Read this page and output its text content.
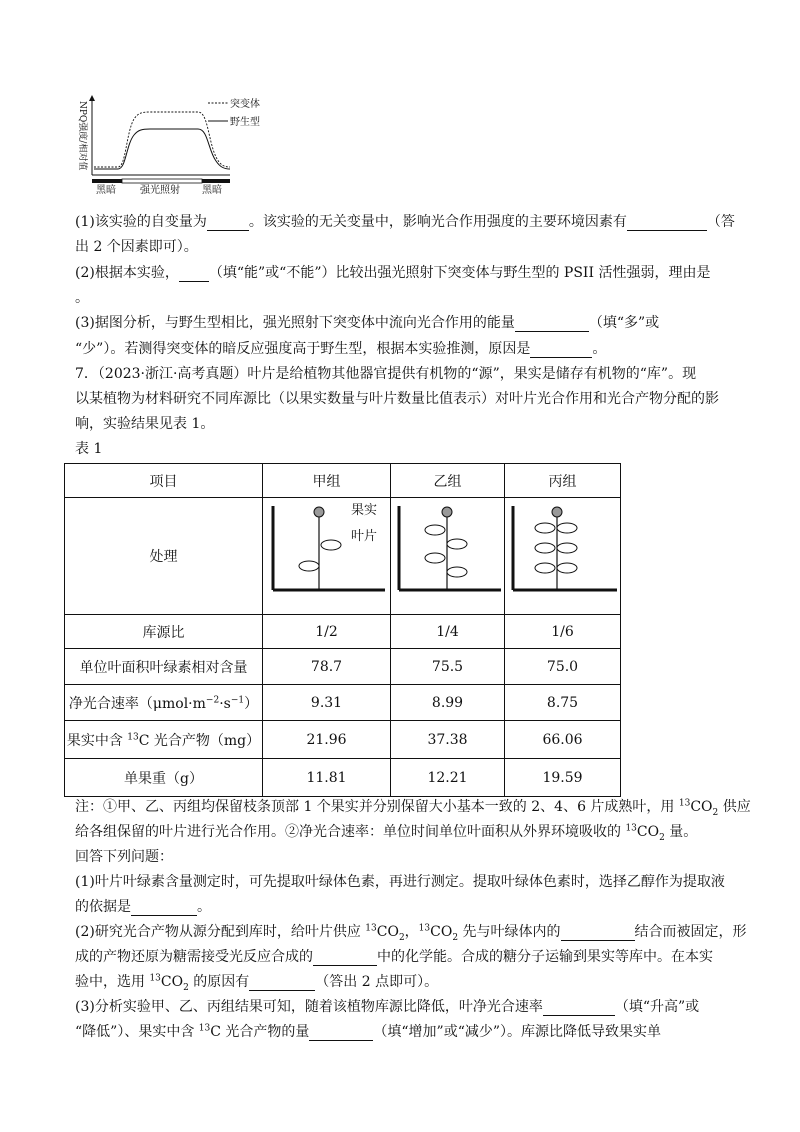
NPQ强度/相对值	突变体
野生型
黑暗 强光照射 黑暗
(1)该实验的自变量为	。该实验的无关变量中，影响光合作用强度的主要环境因素有	（答
出 2 个因素即可）。
(2)根据本实验， （填“能”或“不能”）比较出强光照射下突变体与野生型的 PSII 活性强弱，理由是
。
(3)据图分析，与野生型相比，强光照射下突变体中流向光合作用的能量	（填“多”或
“少”）。若测得突变体的暗反应强度高于野生型，根据本实验推测，原因是	。
7．（2023·浙江·高考真题）叶片是给植物其他器官提供有机物的“源”，果实是储存有机物的“库”。现
以某植物为材料研究不同库源比（以果实数量与叶片数量比值表示）对叶片光合作用和光合产物分配的影
响，实验结果见表 1。
表 1
项目	甲组	乙组	丙组
处理	果实
叶片

库源比	1/2	1/4	1/6
单位叶面积叶绿素相对含量	78.7	75.5	75.0
净光合速率$(\mu mol\cdot m^{-2}\cdot s^{-1})$	9.31	8.99	8.75
果实中含 $^{13}$C 光合产物（mg）	21.96	37.38	66.06
单果重（g）	11.81	12.21	19.59
注：①甲、乙、丙组均保留枝条顶部 1 个果实并分别保留大小基本一致的 2、4、6 片成熟叶，用 $^{13}CO_2$ 供应
给各组保留的叶片进行光合作用。②净光合速率：单位时间单位叶面积从外界环境吸收的 $^{13}CO_2$ 量。
回答下列问题：
(1)叶片叶绿素含量测定时，可先提取叶绿体色素，再进行测定。提取叶绿体色素时，选择乙醇作为提取液
的依据是	。
(2)研究光合产物从源分配到库时，给叶片供应 $^{13}CO_2$，$^{13}CO_2$ 先与叶绿体内的	结合而被固定，形
成的产物还原为糖需接受光反应合成的	中的化学能。合成的糖分子运输到果实等库中。在本实
验中，选用 $^{13}CO_2$ 的原因有	（答出 2 点即可）。
(3)分析实验甲、乙、丙组结果可知，随着该植物库源比降低，叶净光合速率	（填“升高”或
“降低”）、果实中含 $^{13}$C 光合产物的量	（填“增加”或“减少”）。库源比降低导致果实单
